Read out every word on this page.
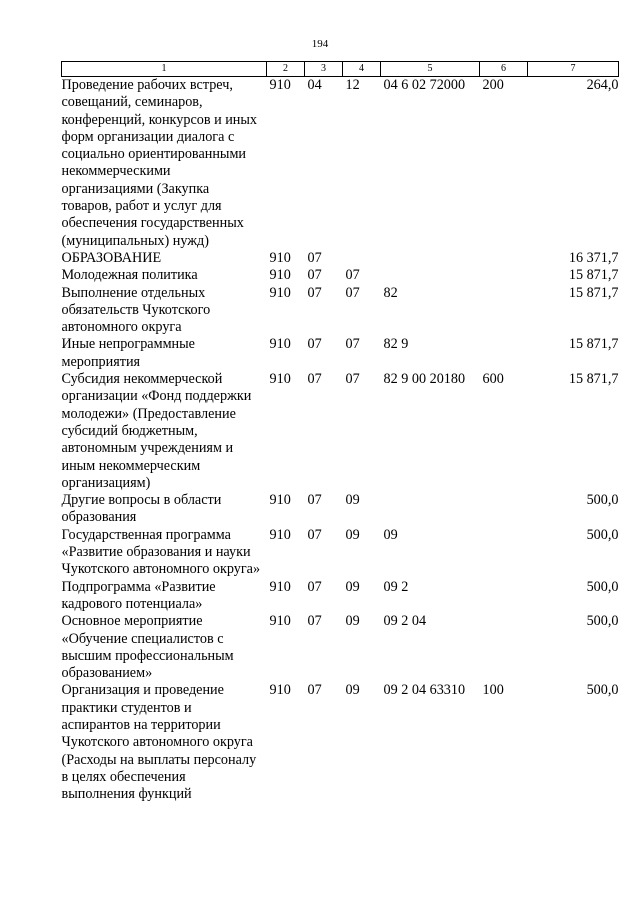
194
1	2	3	4	5	6	7
Проведение рабочих встреч, совещаний, семинаров, конференций, конкурсов и иных форм организации диалога с социально ориентированными некоммерческими организациями (Закупка товаров, работ и услуг для обеспечения государственных (муниципальных) нужд)	910	04	12	04 6 02 72000	200	264,0
ОБРАЗОВАНИЕ	910	07				16 371,7
Молодежная политика	910	07	07			15 871,7
Выполнение отдельных обязательств Чукотского автономного округа	910	07	07	82		15 871,7
Иные непрограммные мероприятия	910	07	07	82 9		15 871,7
Субсидия некоммерческой организации «Фонд поддержки молодежи» (Предоставление субсидий бюджетным, автономным учреждениям и иным некоммерческим организациям)	910	07	07	82 9 00 20180	600	15 871,7
Другие вопросы в области образования	910	07	09			500,0
Государственная программа «Развитие образования и науки Чукотского автономного округа»	910	07	09	09		500,0
Подпрограмма «Развитие кадрового потенциала»	910	07	09	09 2		500,0
Основное мероприятие «Обучение специалистов с высшим профессиональным образованием»	910	07	09	09 2 04		500,0
Организация и проведение практики студентов и аспирантов на территории Чукотского автономного округа (Расходы на выплаты персоналу в целях обеспечения выполнения функций	910	07	09	09 2 04 63310	100	500,0
